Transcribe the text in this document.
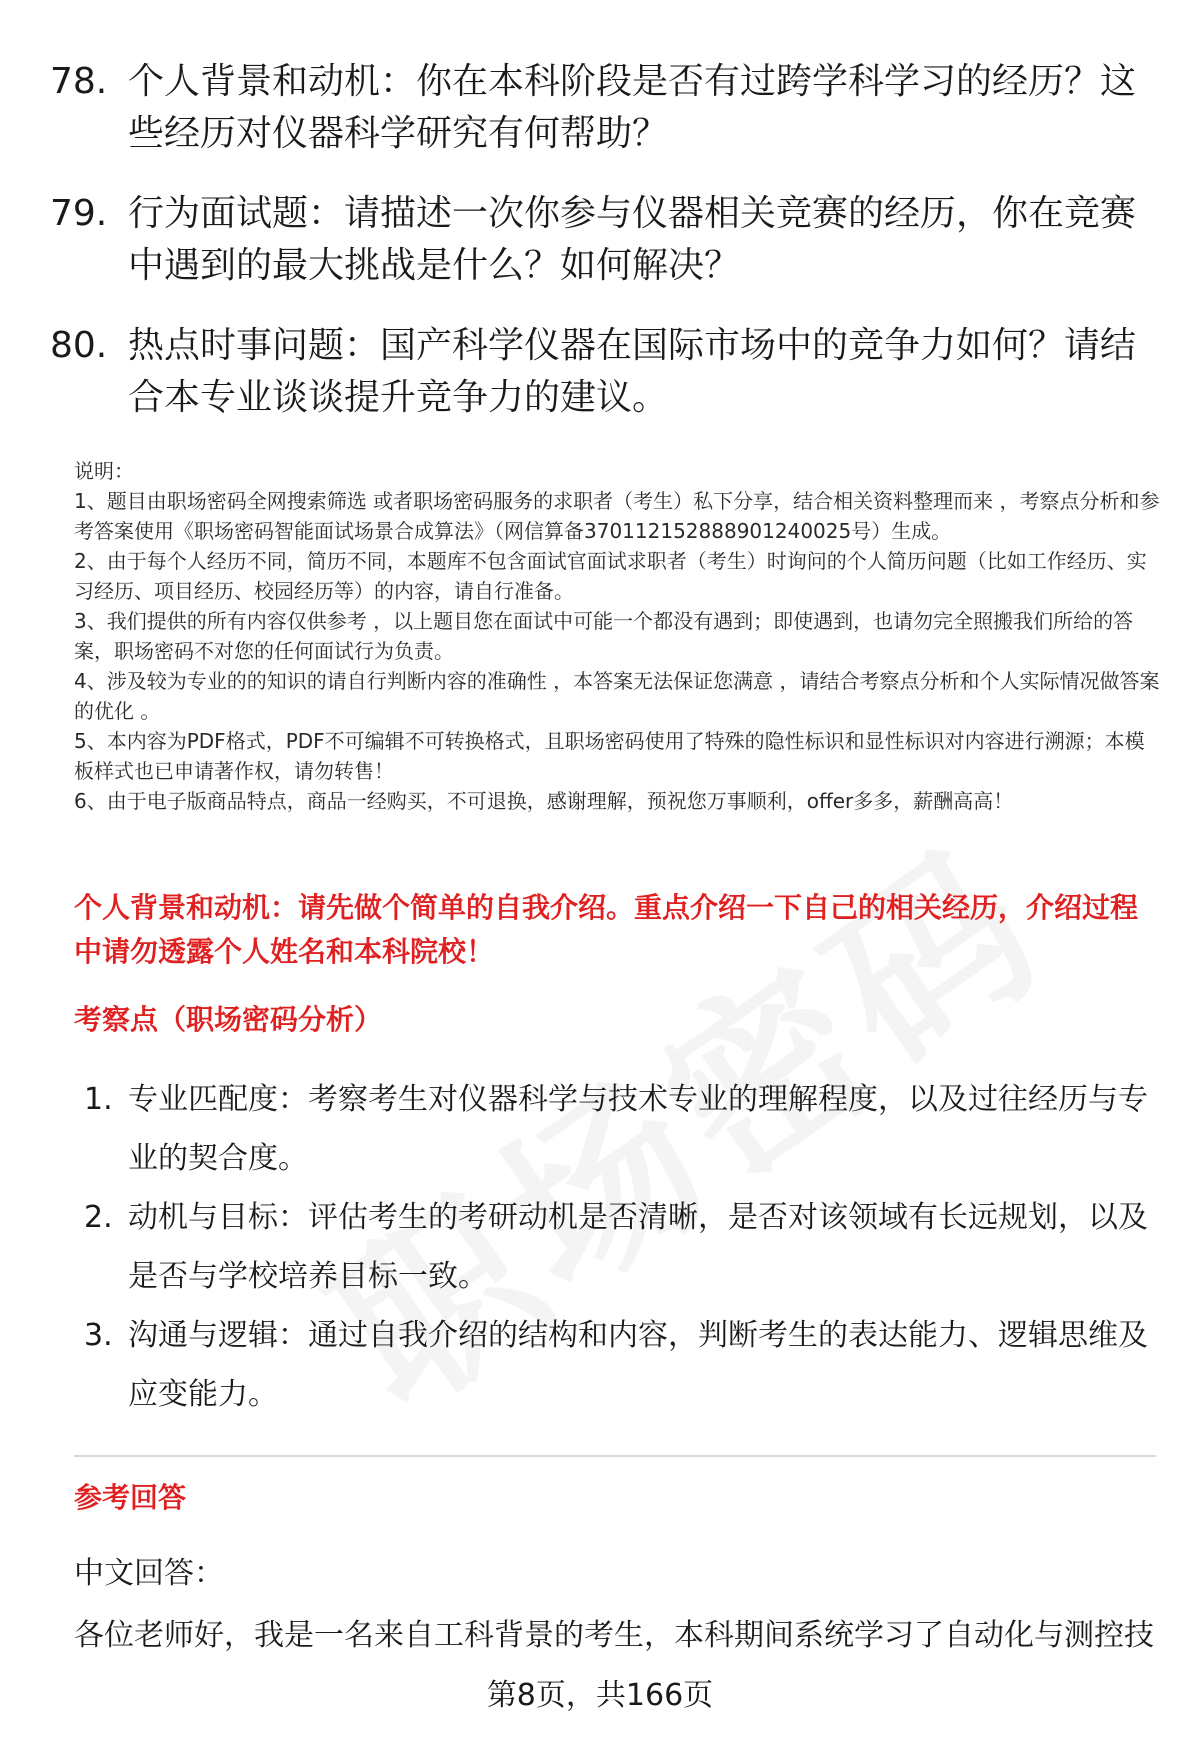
78. 个人背景和动机：你在本科阶段是否有过跨学科学习的经历？这些经历对仪器科学研究有何帮助？
79. 行为面试题：请描述一次你参与仪器相关竞赛的经历，你在竞赛中遇到的最大挑战是什么？如何解决？
80. 热点时事问题：国产科学仪器在国际市场中的竞争力如何？请结合本专业谈谈提升竞争力的建议。

说明：

1、题目由职场密码全网搜索筛选 或者职场密码服务的求职者（考生）私下分享，结合相关资料整理而来 ，考察点分析和参考答案使用《职场密码智能面试场景合成算法》（网信算备370112152888901240025号）生成。

2、由于每个人经历不同，简历不同，本题库不包含面试官面试求职者（考生）时询问的个人简历问题（比如工作经历、实习经历、项目经历、校园经历等）的内容，请自行准备。

3、我们提供的所有内容仅供参考 ，以上题目您在面试中可能一个都没有遇到；即使遇到，也请勿完全照搬我们所给的答案，职场密码不对您的任何面试行为负责。

4、涉及较为专业的的知识的请自行判断内容的准确性 ，本答案无法保证您满意 ，请结合考察点分析和个人实际情况做答案的优化 。

5、本内容为PDF格式，PDF不可编辑不可转换格式，且职场密码使用了特殊的隐性标识和显性标识对内容进行溯源；本模板样式也已申请著作权，请勿转售！

6、由于电子版商品特点，商品一经购买，不可退换，感谢理解，预祝您万事顺利，offer多多，薪酬高高！

个人背景和动机：请先做个简单的自我介绍。重点介绍一下自己的相关经历，介绍过程中请勿透露个人姓名和本科院校！
考察点（职场密码分析）
1. 专业匹配度：考察考生对仪器科学与技术专业的理解程度，以及过往经历与专业的契合度。
2. 动机与目标：评估考生的考研动机是否清晰，是否对该领域有长远规划，以及是否与学校培养目标一致。
3. 沟通与逻辑：通过自我介绍的结构和内容，判断考生的表达能力、逻辑思维及应变能力。
参考回答
中文回答：
各位老师好，我是一名来自工科背景的考生，本科期间系统学习了自动化与测控技
第8页，共166页
